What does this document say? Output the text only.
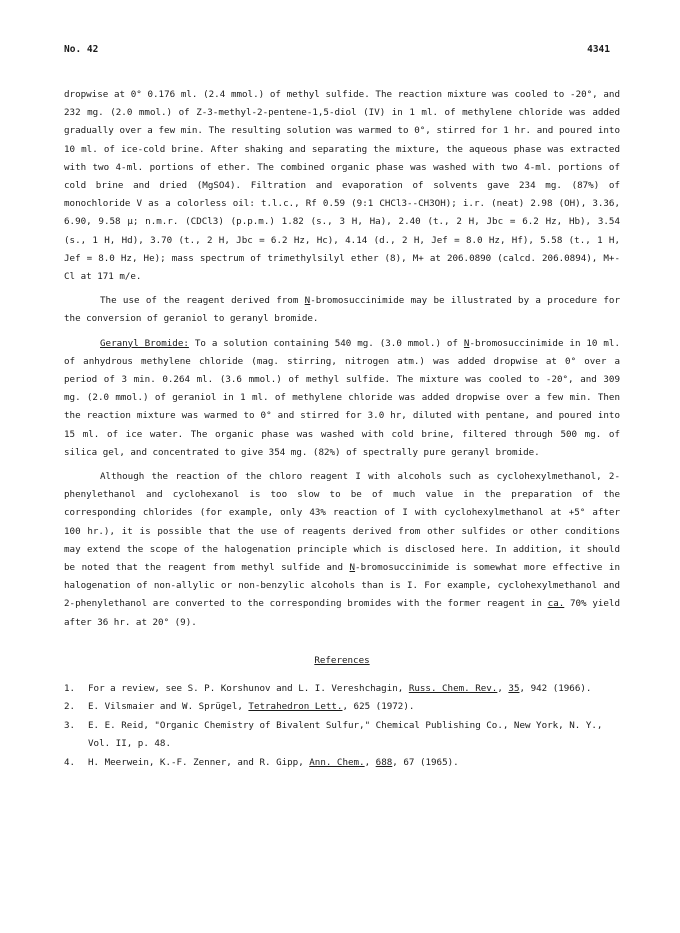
No. 42	4341

dropwise at 0° 0.176 ml. (2.4 mmol.) of methyl sulfide. The reaction mixture was cooled to -20°, and 232 mg. (2.0 mmol.) of Z-3-methyl-2-pentene-1,5-diol (IV) in 1 ml. of methylene chloride was added gradually over a few min. The resulting solution was warmed to 0°, stirred for 1 hr. and poured into 10 ml. of ice-cold brine. After shaking and separating the mixture, the aqueous phase was extracted with two 4-ml. portions of ether. The combined organic phase was washed with two 4-ml. portions of cold brine and dried (MgSO4). Filtration and evaporation of solvents gave 234 mg. (87%) of monochloride V as a colorless oil: t.l.c., Rf 0.59 (9:1 CHCl3--CH3OH); i.r. (neat) 2.98 (OH), 3.36, 6.90, 9.58 μ; n.m.r. (CDCl3) (p.p.m.) 1.82 (s., 3 H, Ha), 2.40 (t., 2 H, Jbc = 6.2 Hz, Hb), 3.54 (s., 1 H, Hd), 3.70 (t., 2 H, Jbc = 6.2 Hz, Hc), 4.14 (d., 2 H, Jef = 8.0 Hz, Hf), 5.58 (t., 1 H, Jef = 8.0 Hz, He); mass spectrum of trimethylsilyl ether (8), M+ at 206.0890 (calcd. 206.0894), M+-Cl at 171 m/e.

The use of the reagent derived from N-bromosuccinimide may be illustrated by a procedure for the conversion of geraniol to geranyl bromide.

Geranyl Bromide: To a solution containing 540 mg. (3.0 mmol.) of N-bromosuccinimide in 10 ml. of anhydrous methylene chloride (mag. stirring, nitrogen atm.) was added dropwise at 0° over a period of 3 min. 0.264 ml. (3.6 mmol.) of methyl sulfide. The mixture was cooled to -20°, and 309 mg. (2.0 mmol.) of geraniol in 1 ml. of methylene chloride was added dropwise over a few min. Then the reaction mixture was warmed to 0° and stirred for 3.0 hr, diluted with pentane, and poured into 15 ml. of ice water. The organic phase was washed with cold brine, filtered through 500 mg. of silica gel, and concentrated to give 354 mg. (82%) of spectrally pure geranyl bromide.

Although the reaction of the chloro reagent I with alcohols such as cyclohexylmethanol, 2-phenylethanol and cyclohexanol is too slow to be of much value in the preparation of the corresponding chlorides (for example, only 43% reaction of I with cyclohexylmethanol at +5° after 100 hr.), it is possible that the use of reagents derived from other sulfides or other conditions may extend the scope of the halogenation principle which is disclosed here. In addition, it should be noted that the reagent from methyl sulfide and N-bromosuccinimide is somewhat more effective in halogenation of non-allylic or non-benzylic alcohols than is I. For example, cyclohexylmethanol and 2-phenylethanol are converted to the corresponding bromides with the former reagent in ca. 70% yield after 36 hr. at 20° (9).

References
1.	For a review, see S. P. Korshunov and L. I. Vereshchagin, Russ. Chem. Rev., 35, 942 (1966).
2.	E. Vilsmaier and W. Sprügel, Tetrahedron Lett., 625 (1972).
3.	E. E. Reid, "Organic Chemistry of Bivalent Sulfur," Chemical Publishing Co., New York, N. Y., Vol. II, p. 48.
4.	H. Meerwein, K.-F. Zenner, and R. Gipp, Ann. Chem., 688, 67 (1965).
